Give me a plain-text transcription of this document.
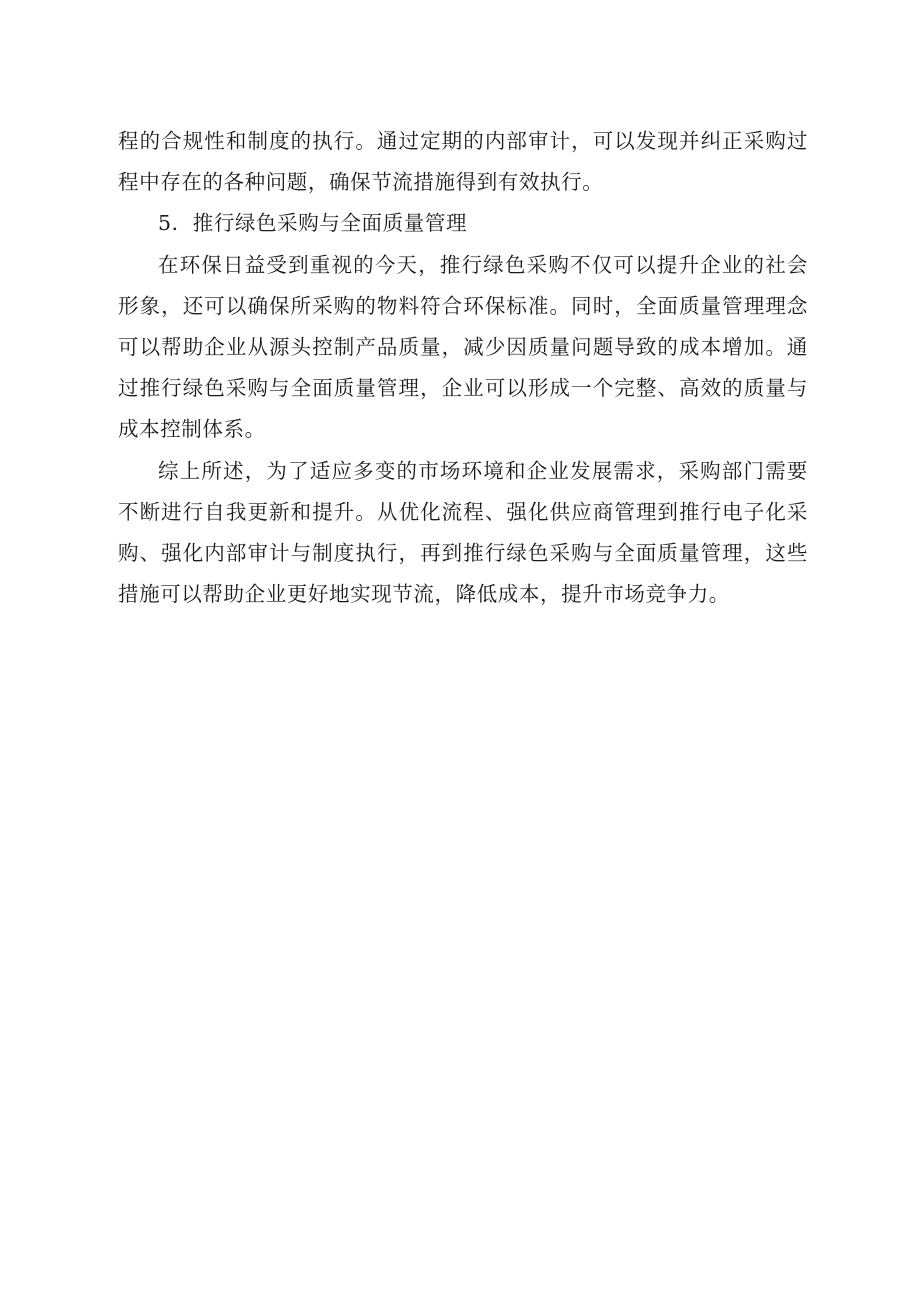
程的合规性和制度的执行。通过定期的内部审计，可以发现并纠正采购过程中存在的各种问题，确保节流措施得到有效执行。

5．推行绿色采购与全面质量管理

在环保日益受到重视的今天，推行绿色采购不仅可以提升企业的社会形象，还可以确保所采购的物料符合环保标准。同时，全面质量管理理念可以帮助企业从源头控制产品质量，减少因质量问题导致的成本增加。通过推行绿色采购与全面质量管理，企业可以形成一个完整、高效的质量与成本控制体系。

综上所述，为了适应多变的市场环境和企业发展需求，采购部门需要不断进行自我更新和提升。从优化流程、强化供应商管理到推行电子化采购、强化内部审计与制度执行，再到推行绿色采购与全面质量管理，这些措施可以帮助企业更好地实现节流，降低成本，提升市场竞争力。
